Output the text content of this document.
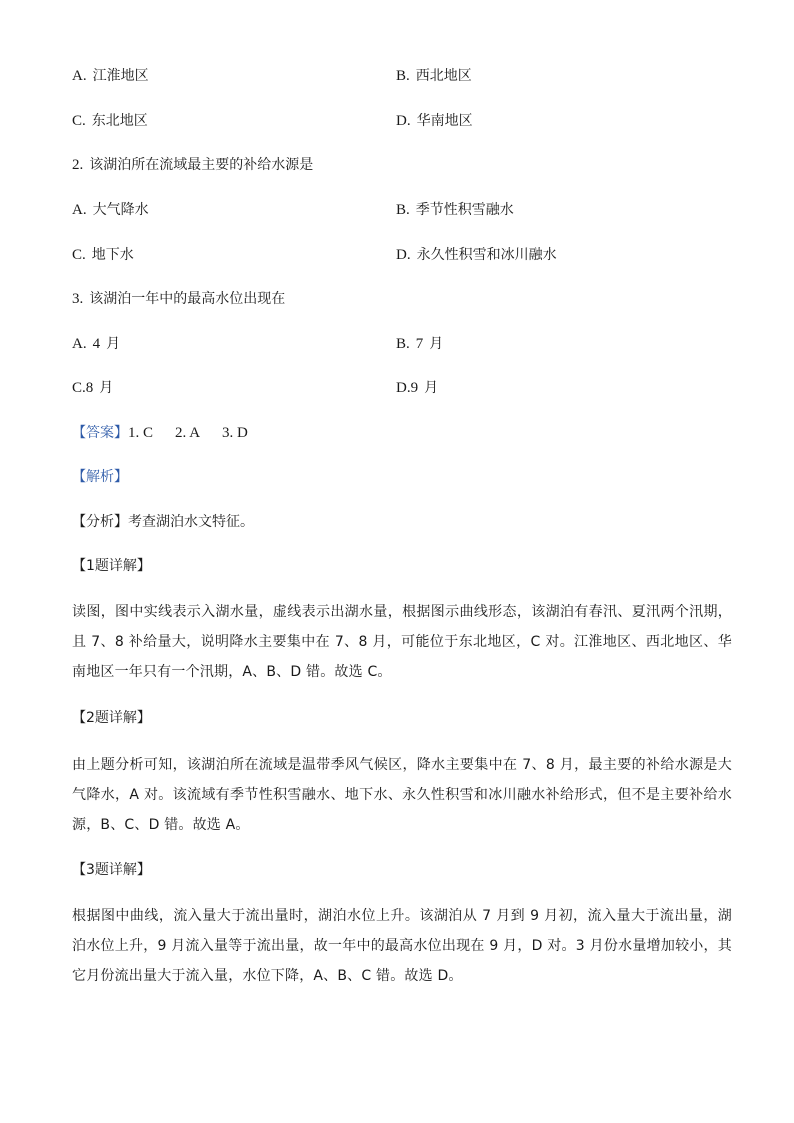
A. 江淮地区	B. 西北地区
C. 东北地区	D. 华南地区
2. 该湖泊所在流域最主要的补给水源是
A. 大气降水	B. 季节性积雪融水
C. 地下水	D. 永久性积雪和冰川融水
3. 该湖泊一年中的最高水位出现在
A. 4 月	B. 7 月
C.8 月	D.9 月
【答案】1. C 2. A 3. D
【解析】
【分析】考查湖泊水文特征。
【1题详解】
读图，图中实线表示入湖水量，虚线表示出湖水量，根据图示曲线形态，该湖泊有春汛、夏汛两个汛期，且 7、8 补给量大，说明降水主要集中在 7、8 月，可能位于东北地区，C 对。江淮地区、西北地区、华南地区一年只有一个汛期，A、B、D 错。故选 C。
【2题详解】
由上题分析可知，该湖泊所在流域是温带季风气候区，降水主要集中在 7、8 月，最主要的补给水源是大气降水，A 对。该流域有季节性积雪融水、地下水、永久性积雪和冰川融水补给形式，但不是主要补给水源，B、C、D 错。故选 A。
【3题详解】
根据图中曲线，流入量大于流出量时，湖泊水位上升。该湖泊从 7 月到 9 月初，流入量大于流出量，湖泊水位上升，9 月流入量等于流出量，故一年中的最高水位出现在 9 月，D 对。3 月份水量增加较小，其它月份流出量大于流入量，水位下降，A、B、C 错。故选 D。
